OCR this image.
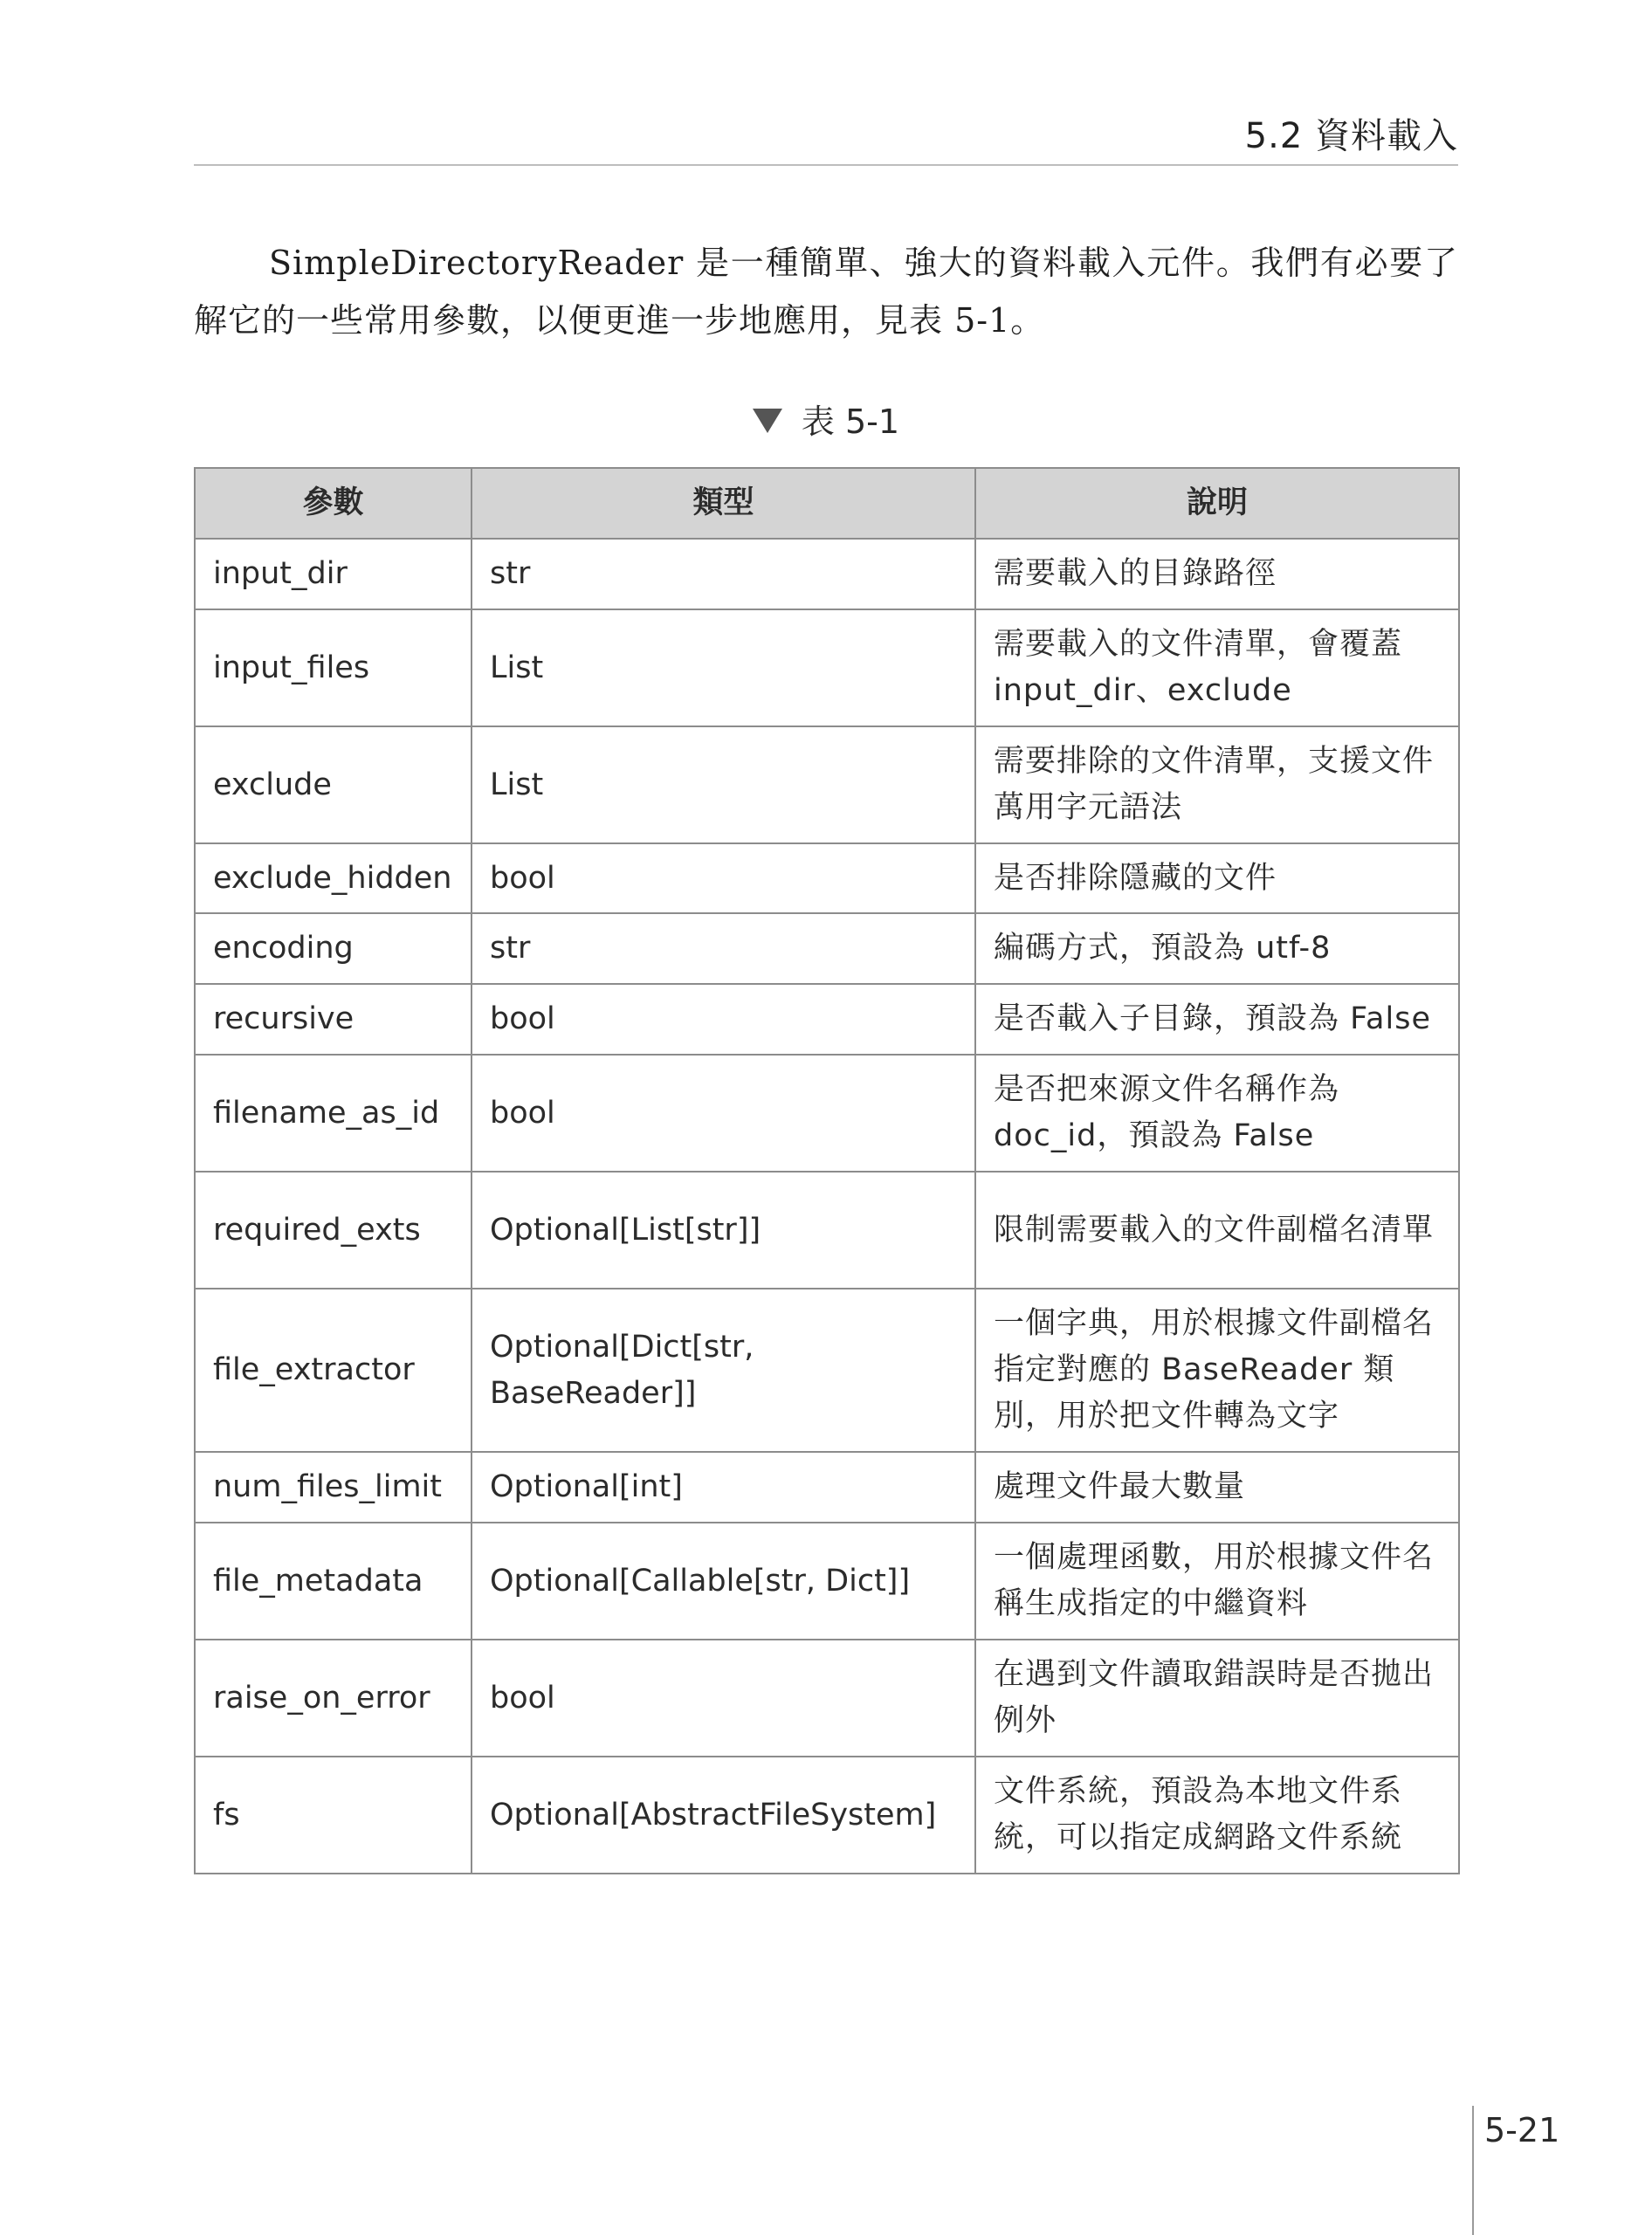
5.2 資料載入

SimpleDirectoryReader 是一種簡單、強大的資料載入元件。我們有必要了解它的一些常用參數，以便更進一步地應用，見表 5-1。

表 5-1
參數	類型	說明
input_dir	str	需要載入的目錄路徑
input_files	List	需要載入的文件清單，會覆蓋 input_dir、exclude
exclude	List	需要排除的文件清單，支援文件萬用字元語法
exclude_hidden	bool	是否排除隱藏的文件
encoding	str	編碼方式，預設為 utf-8
recursive	bool	是否載入子目錄，預設為 False
filename_as_id	bool	是否把來源文件名稱作為 doc_id，預設為 False
required_exts	Optional[List[str]]	限制需要載入的文件副檔名清單
file_extractor	Optional[Dict[str, BaseReader]]	一個字典，用於根據文件副檔名指定對應的 BaseReader 類別，用於把文件轉為文字
num_files_limit	Optional[int]	處理文件最大數量
file_metadata	Optional[Callable[str, Dict]]	一個處理函數，用於根據文件名稱生成指定的中繼資料
raise_on_error	bool	在遇到文件讀取錯誤時是否拋出例外
fs	Optional[AbstractFileSystem]	文件系統，預設為本地文件系統，可以指定成網路文件系統
5-21
